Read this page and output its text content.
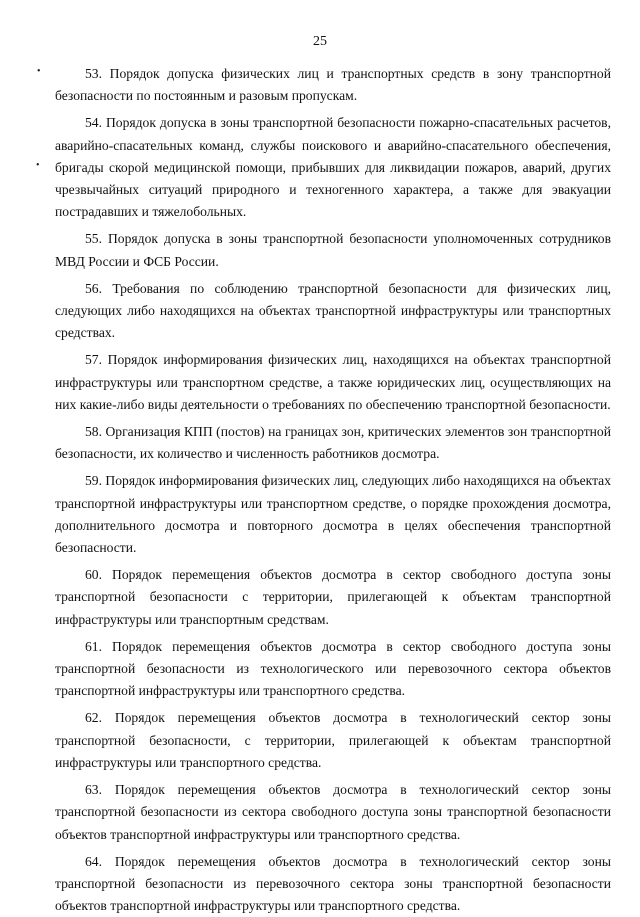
25
•
•

53. Порядок допуска физических лиц и транспортных средств в зону транспортной безопасности по постоянным и разовым пропускам.

54. Порядок допуска в зоны транспортной безопасности пожарно-спасательных расчетов, аварийно-спасательных команд, службы поискового и аварийно-спасательного обеспечения, бригады скорой медицинской помощи, прибывших для ликвидации пожаров, аварий, других чрезвычайных ситуаций природного и техногенного характера, а также для эвакуации пострадавших и тяжелобольных.

55. Порядок допуска в зоны транспортной безопасности уполномоченных сотрудников МВД России и ФСБ России.

56. Требования по соблюдению транспортной безопасности для физических лиц, следующих либо находящихся на объектах транспортной инфраструктуры или транспортных средствах.

57. Порядок информирования физических лиц, находящихся на объектах транспортной инфраструктуры или транспортном средстве, а также юридических лиц, осуществляющих на них какие-либо виды деятельности о требованиях по обеспечению транспортной безопасности.

58. Организация КПП (постов) на границах зон, критических элементов зон транспортной безопасности, их количество и численность работников досмотра.

59. Порядок информирования физических лиц, следующих либо находящихся на объектах транспортной инфраструктуры или транспортном средстве, о порядке прохождения досмотра, дополнительного досмотра и повторного досмотра в целях обеспечения транспортной безопасности.

60. Порядок перемещения объектов досмотра в сектор свободного доступа зоны транспортной безопасности с территории, прилегающей к объектам транспортной инфраструктуры или транспортным средствам.

61. Порядок перемещения объектов досмотра в сектор свободного доступа зоны транспортной безопасности из технологического или перевозочного сектора объектов транспортной инфраструктуры или транспортного средства.

62. Порядок перемещения объектов досмотра в технологический сектор зоны транспортной безопасности, с территории, прилегающей к объектам транспортной инфраструктуры или транспортного средства.

63. Порядок перемещения объектов досмотра в технологический сектор зоны транспортной безопасности из сектора свободного доступа зоны транспортной безопасности объектов транспортной инфраструктуры или транспортного средства.

64. Порядок перемещения объектов досмотра в технологический сектор зоны транспортной безопасности из перевозочного сектора зоны транспортной безопасности объектов транспортной инфраструктуры или транспортного средства.
